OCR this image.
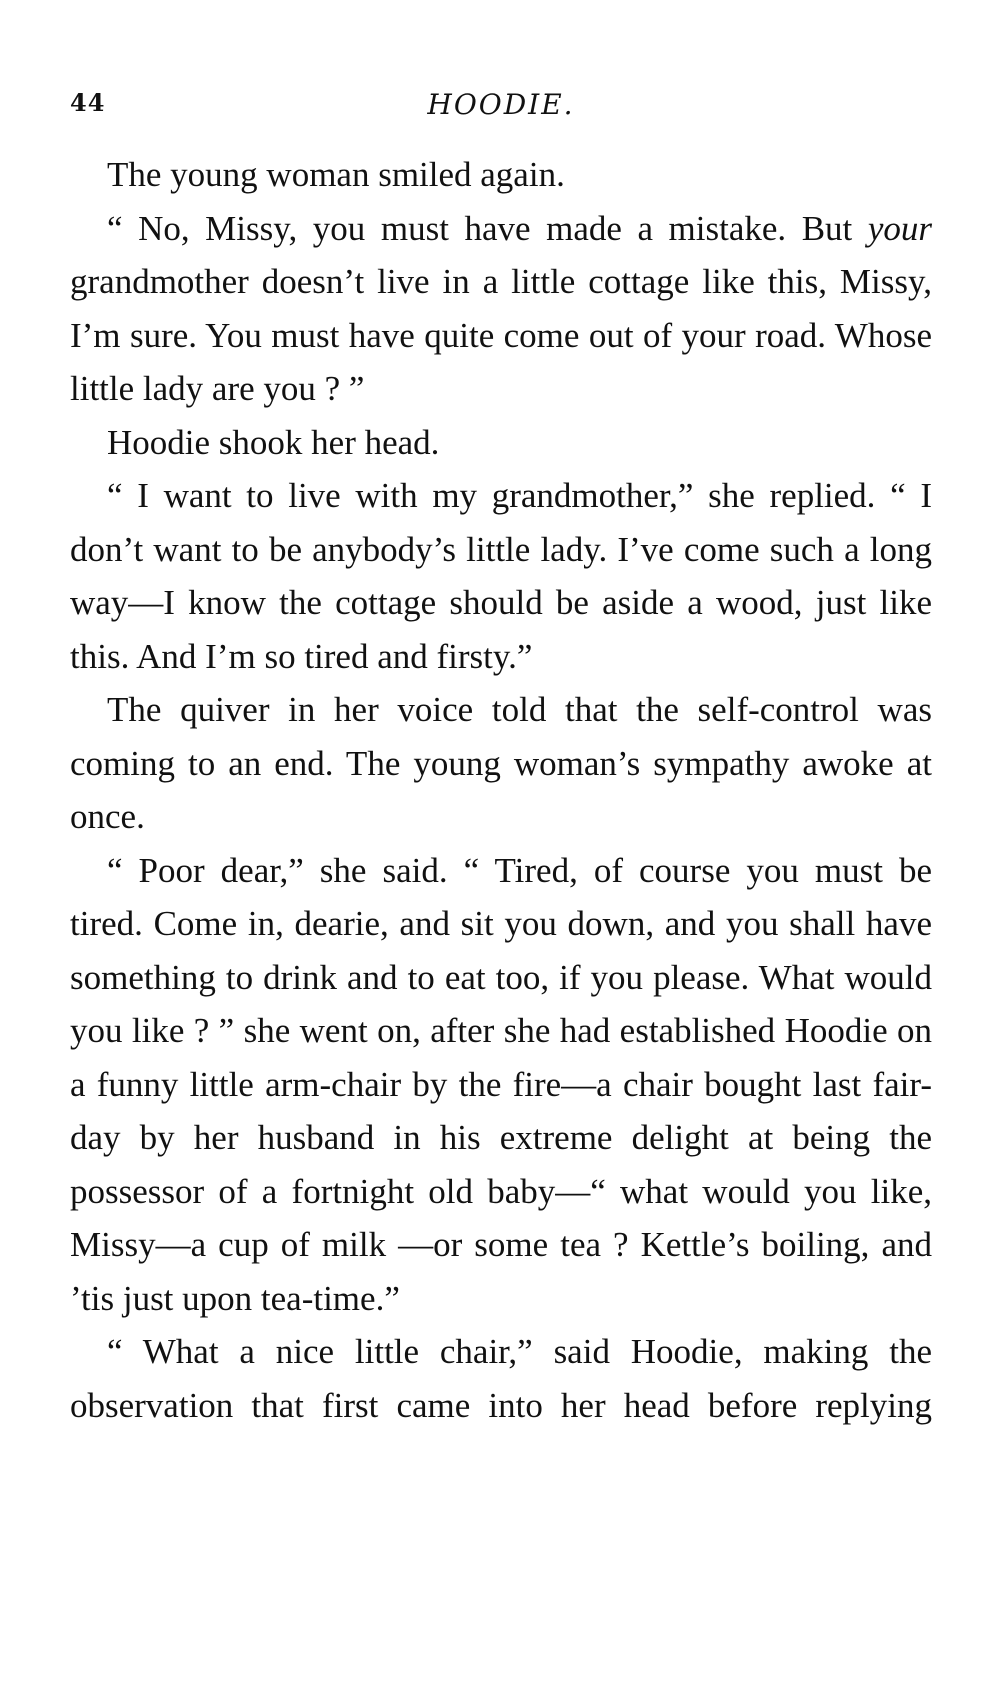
44	HOODIE.

The young woman smiled again.

“ No, Missy, you must have made a mistake. But your grandmother doesn’t live in a little cottage like this, Missy, I’m sure. You must have quite come out of your road. Whose little lady are you ? ”

Hoodie shook her head.

“ I want to live with my grandmother,” she replied. “ I don’t want to be anybody’s little lady. I’ve come such a long way—I know the cottage should be aside a wood, just like this. And I’m so tired and firsty.”

The quiver in her voice told that the self-control was coming to an end. The young woman’s sympathy awoke at once.

“ Poor dear,” she said. “ Tired, of course you must be tired. Come in, dearie, and sit you down, and you shall have something to drink and to eat too, if you please. What would you like ? ” she went on, after she had established Hoodie on a funny little arm-chair by the fire—a chair bought last fair-day by her husband in his extreme delight at being the possessor of a fortnight old baby—“ what would you like, Missy—a cup of milk —or some tea ? Kettle’s boiling, and ’tis just upon tea-time.”

“ What a nice little chair,” said Hoodie, making the observation that first came into her head before replying
